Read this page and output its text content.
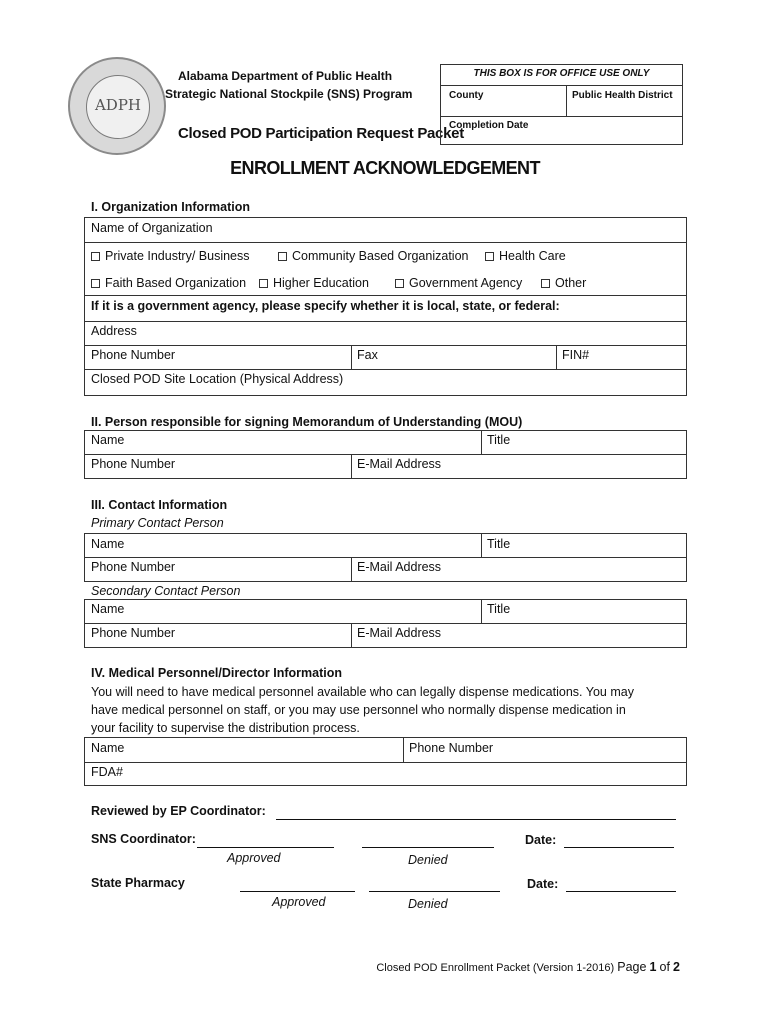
ADPH
Alabama Department of Public Health
Strategic National Stockpile (SNS) Program
Closed POD Participation Request Packet
THIS BOX IS FOR OFFICE USE ONLY
County	Public Health District
Completion Date
ENROLLMENT ACKNOWLEDGEMENT
I. Organization Information
Name of Organization
Private Industry/ Business	Community Based Organization	Health Care
Faith Based Organization	Higher Education	Government Agency	Other
If it is a government agency, please specify whether it is local, state, or federal:
Address
Phone Number	Fax	FIN#
Closed POD Site Location (Physical Address)
II. Person responsible for signing Memorandum of Understanding (MOU)
Name	Title
Phone Number	E-Mail Address
III. Contact Information
Primary Contact Person
Name	Title
Phone Number	E-Mail Address
Secondary Contact Person
Name	Title
Phone Number	E-Mail Address
IV. Medical Personnel/Director Information
You will need to have medical personnel available who can legally dispense medications. You may
have medical personnel on staff, or you may use personnel who normally dispense medication in
your facility to supervise the distribution process.
Name	Phone Number
FDA#
Reviewed by EP Coordinator:
SNS Coordinator:	Date:
Approved	Denied
State Pharmacy	Date:
Approved	Denied
Closed POD Enrollment Packet (Version 1-2016) Page 1 of 2
